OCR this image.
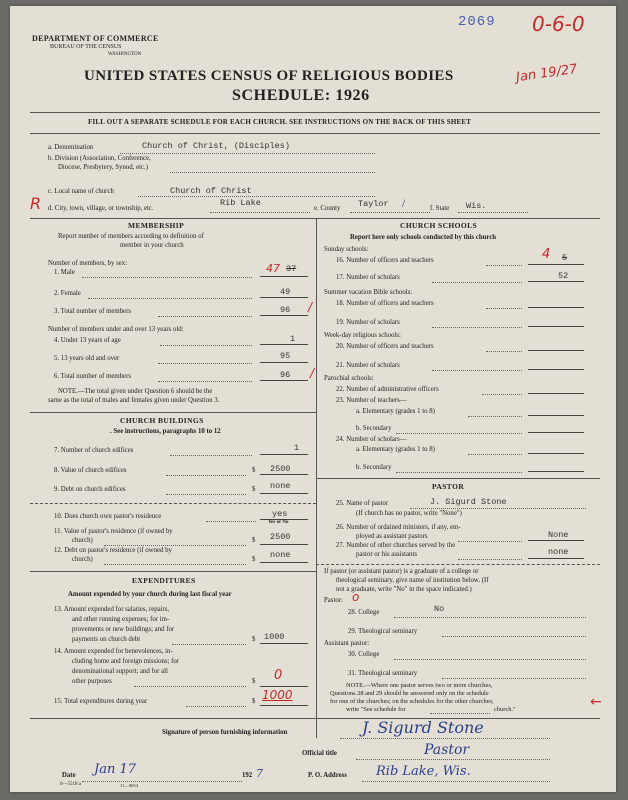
2069 0-6-0
Jan 19/27
DEPARTMENT OF COMMERCE
BUREAU OF THE CENSUS
WASHINGTON
UNITED STATES CENSUS OF RELIGIOUS BODIES
SCHEDULE: 1926
FILL OUT A SEPARATE SCHEDULE FOR EACH CHURCH. SEE INSTRUCTIONS ON THE BACK OF THIS SHEET
a. Denomination	Church of Christ, (Disciples)
b. Division (Association, Conference,
Diocese, Presbytery, Synod, etc.)
c. Local name of church	Church of Christ
R d. City, town, village, or township, etc.
Rib Lake
e. County Taylor /	f. State Wis.
MEMBERSHIP
Report number of members according to definition of
member in your church
Number of members, by sex:
1. Male	47 37
2. Female	49
3. Total number of members	96 /
Number of members under and over 13 years old:
4. Under 13 years of age	1
5. 13 years old and over	95
6. Total number of members	96 /
NOTE.—The total given under Question 6 should be the
same as the total of males and females given under Question 3.
CHURCH BUILDINGS
. See instructions, paragraphs 10 to 12
7. Number of church edifices	1
8. Value of church edifices	$ 2500
9. Debt on church edifices	$ none
10. Does church own pastor's residence	yes
Yes or No
11. Value of pastor's residence (if owned by
church)	$ 2500
12. Debt on pastor's residence (if owned by
church)	$ none
EXPENDITURES
Amount expended by your church during last fiscal year
13. Amount expended for salaries, repairs,
and other running expenses; for im-
provements or new buildings; and for
payments on church debt	$ 1000
14. Amount expended for benevolences, in-
cluding home and foreign missions; for
denominational support; and for all
other purposes	$ 0
15. Total expenditures during year	$ 1000
CHURCH SCHOOLS
Report here only schools conducted by this church
Sunday schools:
16. Number of officers and teachers	4 5
17. Number of scholars	52
Summer vacation Bible schools:
18. Number of officers and teachers
19. Number of scholars
Week-day religious schools:
20. Number of officers and teachers
21. Number of scholars
Parochial schools:
22. Number of administrative officers
23. Number of teachers—
a. Elementary (grades 1 to 8)
b. Secondary
24. Number of scholars—
a. Elementary (grades 1 to 8)
b. Secondary
PASTOR
25. Name of pastor	J. Sigurd Stone
(If church has no pastor, write "None")
26. Number of ordained ministers, if any, em-
ployed as assistant pastors	None
27. Number of other churches served by the
pastor or his assistants	none
If pastor (or assistant pastor) is a graduate of a college or
theological seminary, give name of institution below. (If
not a graduate, write "No" in the space indicated.)
Pastor: o
28. College	No
29. Theological seminary
Assistant pastor:
30. College
31. Theological seminary
NOTE.—Where one pastor serves two or more churches,
Questions 28 and 29 should be answered only on the schedule
for one of the churches; on the schedules for the other churches,
write "See schedule for	church."	←
Signature of person furnishing information	J. Sigurd Stone
Official title	Pastor
Date Jan 17	192 7	P. O. Address Rib Lake, Wis.
6—5518 a	11—9054
